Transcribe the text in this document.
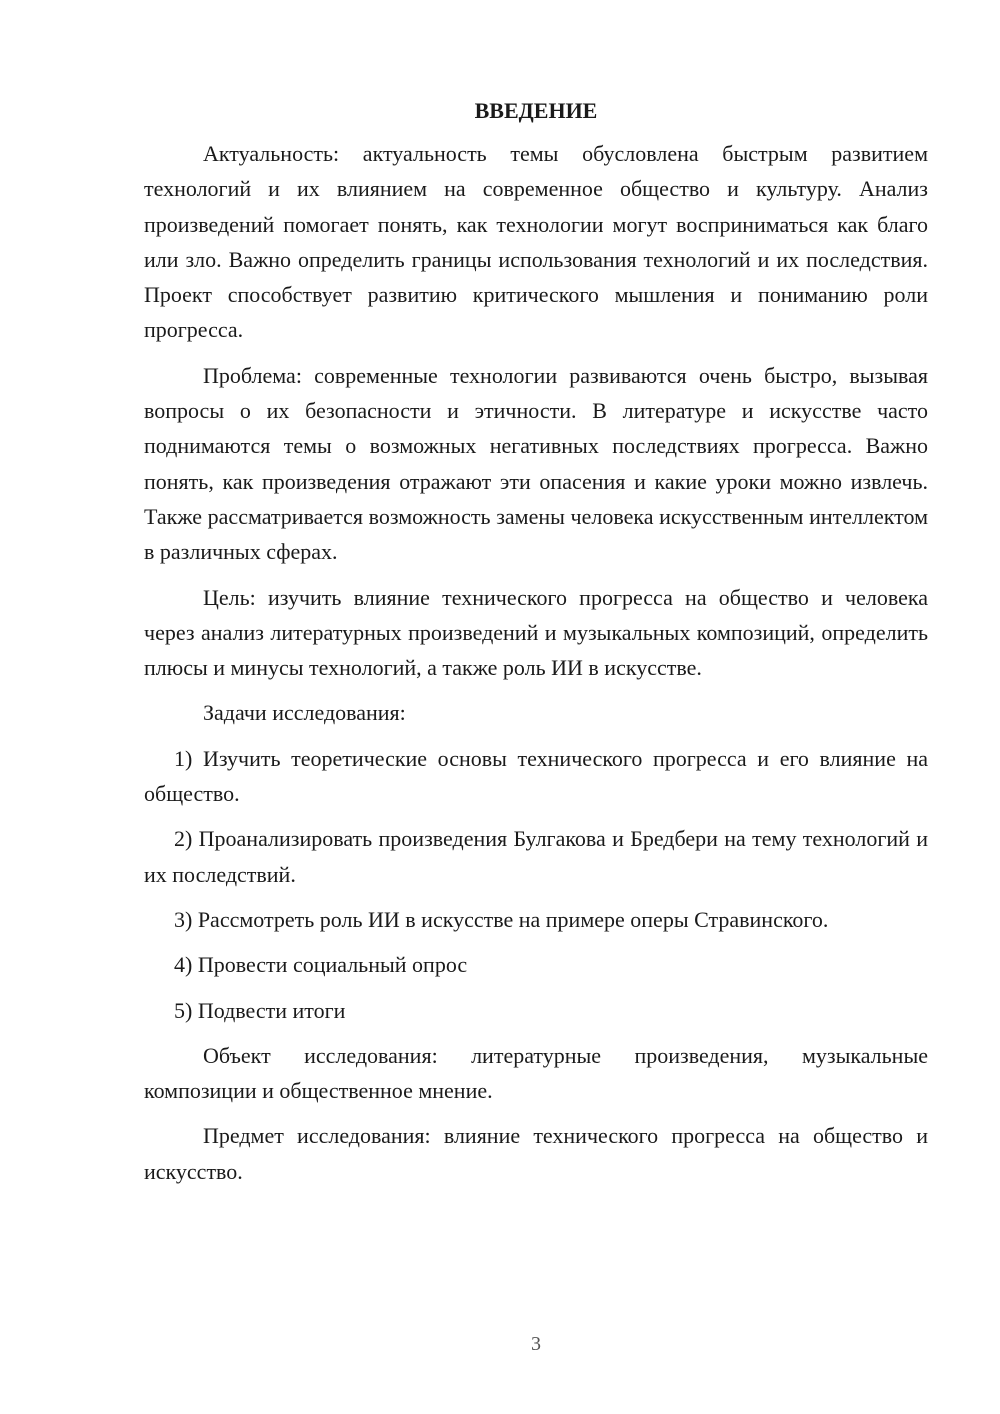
ВВЕДЕНИЕ

Актуальность: актуальность темы обусловлена быстрым развитием технологий и их влиянием на современное общество и культуру. Анализ произведений помогает понять, как технологии могут восприниматься как благо или зло. Важно определить границы использования технологий и их последствия. Проект способствует развитию критического мышления и пониманию роли прогресса.

Проблема: современные технологии развиваются очень быстро, вызывая вопросы о их безопасности и этичности. В литературе и искусстве часто поднимаются темы о возможных негативных последствиях прогресса. Важно понять, как произведения отражают эти опасения и какие уроки можно извлечь. Также рассматривается возможность замены человека искусственным интеллектом в различных сферах.

Цель: изучить влияние технического прогресса на общество и человека через анализ литературных произведений и музыкальных композиций, определить плюсы и минусы технологий, а также роль ИИ в искусстве.

Задачи исследования:

1) Изучить теоретические основы технического прогресса и его влияние на общество.

2) Проанализировать произведения Булгакова и Бредбери на тему технологий и их последствий.

3) Рассмотреть роль ИИ в искусстве на примере оперы Стравинского.

4) Провести социальный опрос

5) Подвести итоги

Объект исследования: литературные произведения, музыкальные композиции и общественное мнение.

Предмет исследования: влияние технического прогресса на общество и искусство.

3
